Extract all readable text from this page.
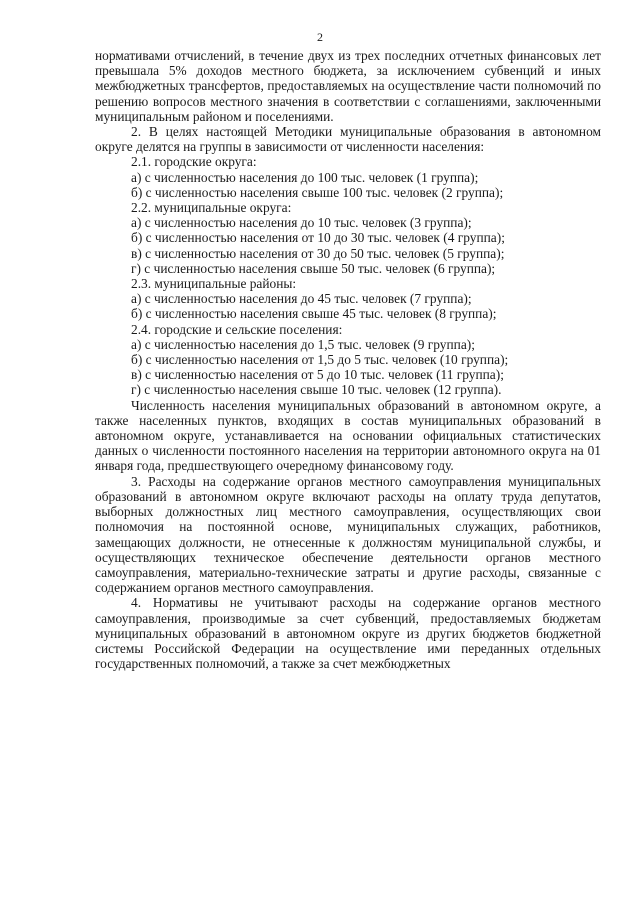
2

нормативами отчислений, в течение двух из трех последних отчетных финансовых лет превышала 5% доходов местного бюджета, за исключением субвенций и иных межбюджетных трансфертов, предоставляемых на осуществление части полномочий по решению вопросов местного значения в соответствии с соглашениями, заключенными муниципальным районом и поселениями.

2. В целях настоящей Методики муниципальные образования в автономном округе делятся на группы в зависимости от численности населения:

2.1. городские округа:

а) с численностью населения до 100 тыс. человек (1 группа);

б) с численностью населения свыше 100 тыс. человек (2 группа);

2.2. муниципальные округа:

а) с численностью населения до 10 тыс. человек (3 группа);

б) с численностью населения от 10 до 30 тыс. человек (4 группа);

в) с численностью населения от 30 до 50 тыс. человек (5 группа);

г) с численностью населения свыше 50 тыс. человек (6 группа);

2.3. муниципальные районы:

а) с численностью населения до 45 тыс. человек (7 группа);

б) с численностью населения свыше 45 тыс. человек (8 группа);

2.4. городские и сельские поселения:

а) с численностью населения до 1,5 тыс. человек (9 группа);

б) с численностью населения от 1,5 до 5 тыс. человек (10 группа);

в) с численностью населения от 5 до 10 тыс. человек (11 группа);

г) с численностью населения свыше 10 тыс. человек (12 группа).

Численность населения муниципальных образований в автономном округе, а также населенных пунктов, входящих в состав муниципальных образований в автономном округе, устанавливается на основании официальных статистических данных о численности постоянного населения на территории автономного округа на 01 января года, предшествующего очередному финансовому году.

3. Расходы на содержание органов местного самоуправления муниципальных образований в автономном округе включают расходы на оплату труда депутатов, выборных должностных лиц местного самоуправления, осуществляющих свои полномочия на постоянной основе, муниципальных служащих, работников, замещающих должности, не отнесенные к должностям муниципальной службы, и осуществляющих техническое обеспечение деятельности органов местного самоуправления, материально-технические затраты и другие расходы, связанные с содержанием органов местного самоуправления.

4. Нормативы не учитывают расходы на содержание органов местного самоуправления, производимые за счет субвенций, предоставляемых бюджетам муниципальных образований в автономном округе из других бюджетов бюджетной системы Российской Федерации на осуществление ими переданных отдельных государственных полномочий, а также за счет межбюджетных
